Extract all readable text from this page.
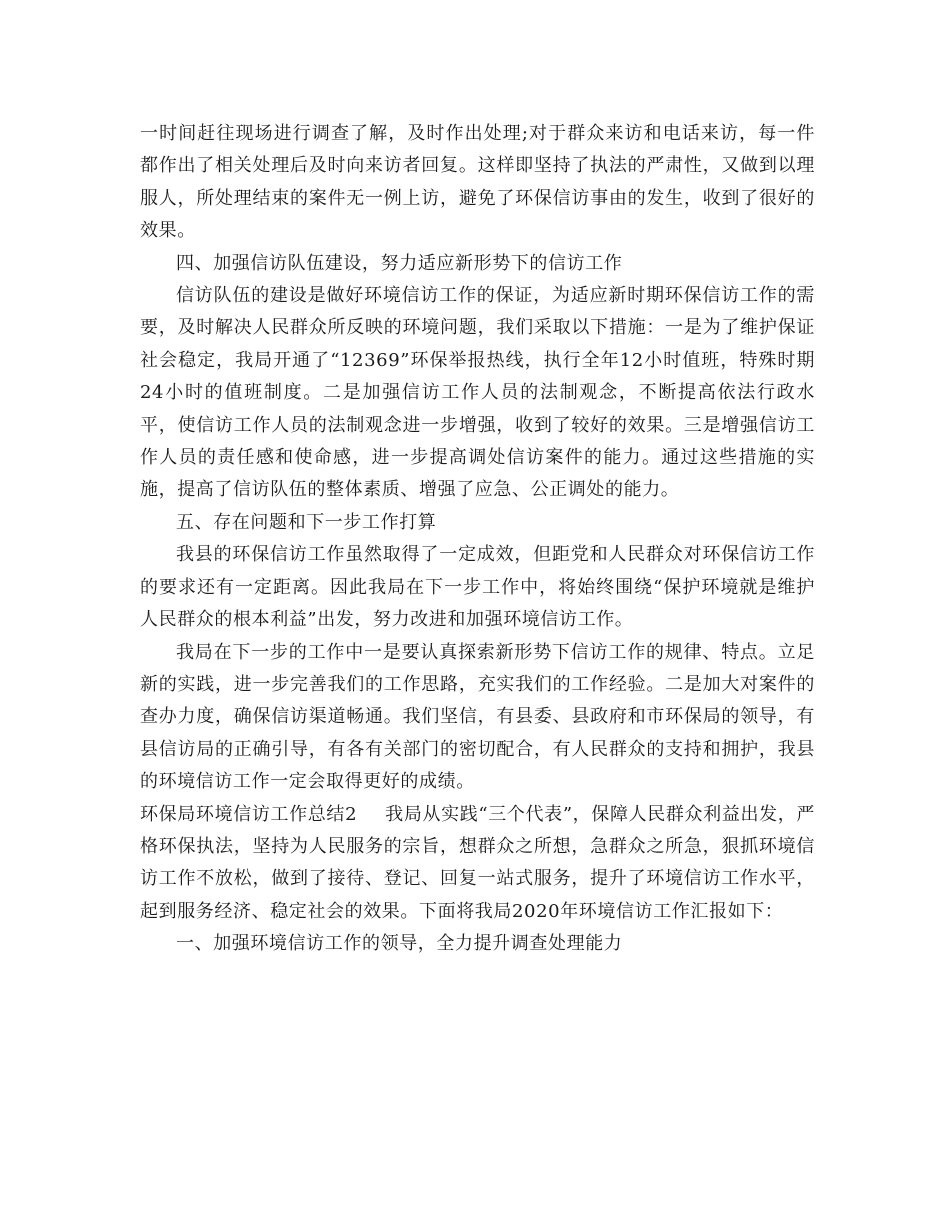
一时间赶往现场进行调查了解，及时作出处理;对于群众来访和电话来访，每一件都作出了相关处理后及时向来访者回复。这样即坚持了执法的严肃性，又做到以理服人，所处理结束的案件无一例上访，避免了环保信访事由的发生，收到了很好的效果。

四、加强信访队伍建设，努力适应新形势下的信访工作

信访队伍的建设是做好环境信访工作的保证，为适应新时期环保信访工作的需要，及时解决人民群众所反映的环境问题，我们采取以下措施：一是为了维护保证社会稳定，我局开通了“12369”环保举报热线，执行全年12小时值班，特殊时期24小时的值班制度。二是加强信访工作人员的法制观念，不断提高依法行政水平，使信访工作人员的法制观念进一步增强，收到了较好的效果。三是增强信访工作人员的责任感和使命感，进一步提高调处信访案件的能力。通过这些措施的实施，提高了信访队伍的整体素质、增强了应急、公正调处的能力。

五、存在问题和下一步工作打算

我县的环保信访工作虽然取得了一定成效，但距党和人民群众对环保信访工作的要求还有一定距离。因此我局在下一步工作中，将始终围绕“保护环境就是维护人民群众的根本利益”出发，努力改进和加强环境信访工作。

我局在下一步的工作中一是要认真探索新形势下信访工作的规律、特点。立足新的实践，进一步完善我们的工作思路，充实我们的工作经验。二是加大对案件的查办力度，确保信访渠道畅通。我们坚信，有县委、县政府和市环保局的领导，有县信访局的正确引导，有各有关部门的密切配合，有人民群众的支持和拥护，我县的环境信访工作一定会取得更好的成绩。

环保局环境信访工作总结2 我局从实践“三个代表”，保障人民群众利益出发，严格环保执法，坚持为人民服务的宗旨，想群众之所想，急群众之所急，狠抓环境信访工作不放松，做到了接待、登记、回复一站式服务，提升了环境信访工作水平，起到服务经济、稳定社会的效果。下面将我局2020年环境信访工作汇报如下：

一、加强环境信访工作的领导，全力提升调查处理能力
